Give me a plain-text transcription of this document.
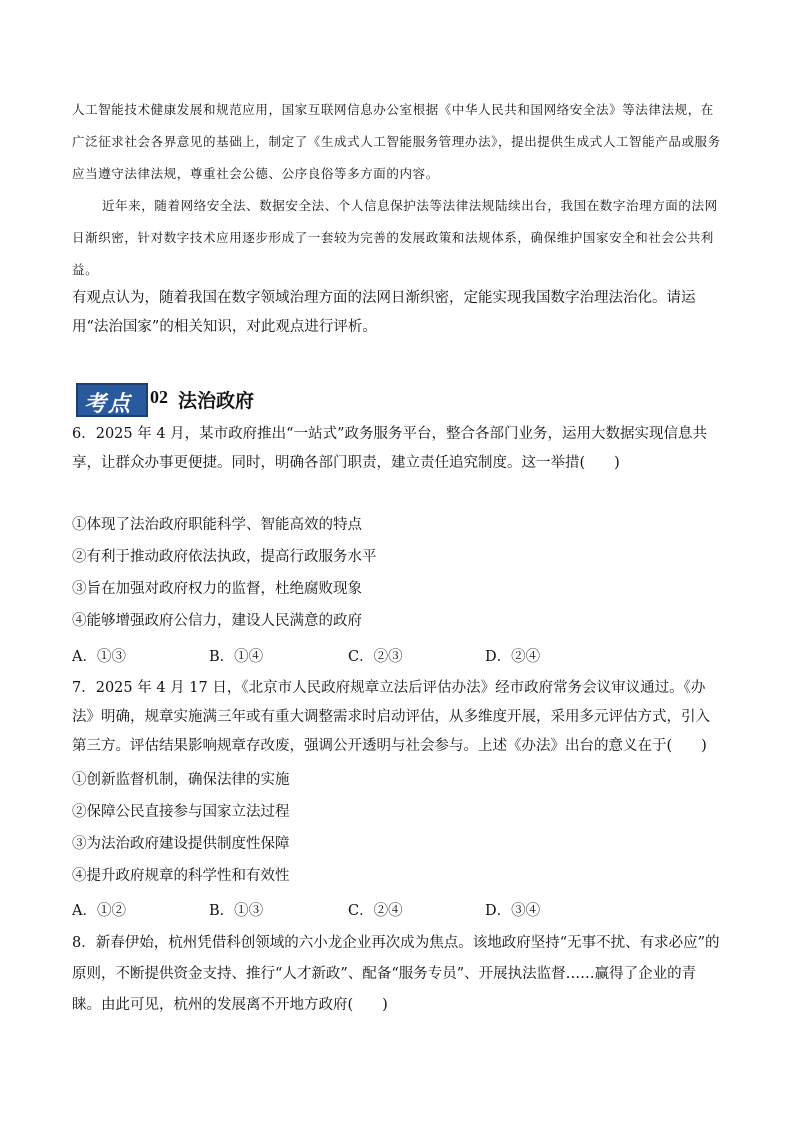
人工智能技术健康发展和规范应用，国家互联网信息办公室根据《中华人民共和国网络安全法》等法律法规，在广泛征求社会各界意见的基础上，制定了《生成式人工智能服务管理办法》，提出提供生成式人工智能产品或服务应当遵守法律法规，尊重社会公德、公序良俗等多方面的内容。

近年来，随着网络安全法、数据安全法、个人信息保护法等法律法规陆续出台，我国在数字治理方面的法网日渐织密，针对数字技术应用逐步形成了一套较为完善的发展政策和法规体系，确保维护国家安全和社会公共利益。

有观点认为，随着我国在数字领域治理方面的法网日渐织密，定能实现我国数字治理法治化。请运用“法治国家”的相关知识，对此观点进行评析。

考点 02 法治政府

6．2025 年 4 月，某市政府推出“一站式”政务服务平台，整合各部门业务，运用大数据实现信息共享，让群众办事更便捷。同时，明确各部门职责，建立责任追究制度。这一举措(　　)

①体现了法治政府职能科学、智能高效的特点

②有利于推动政府依法执政，提高行政服务水平

③旨在加强对政府权力的监督，杜绝腐败现象

④能够增强政府公信力，建设人民满意的政府

A．①③	B．①④	C．②③	D．②④

7．2025 年 4 月 17 日，《北京市人民政府规章立法后评估办法》经市政府常务会议审议通过。《办法》明确，规章实施满三年或有重大调整需求时启动评估，从多维度开展，采用多元评估方式，引入第三方。评估结果影响规章存改废，强调公开透明与社会参与。上述《办法》出台的意义在于(　　)

①创新监督机制，确保法律的实施

②保障公民直接参与国家立法过程

③为法治政府建设提供制度性保障

④提升政府规章的科学性和有效性

A．①②	B．①③	C．②④	D．③④

8．新春伊始，杭州凭借科创领域的六小龙企业再次成为焦点。该地政府坚持“无事不扰、有求必应”的原则，不断提供资金支持、推行“人才新政”、配备“服务专员”、开展执法监督……赢得了企业的青睐。由此可见，杭州的发展离不开地方政府(　　)
